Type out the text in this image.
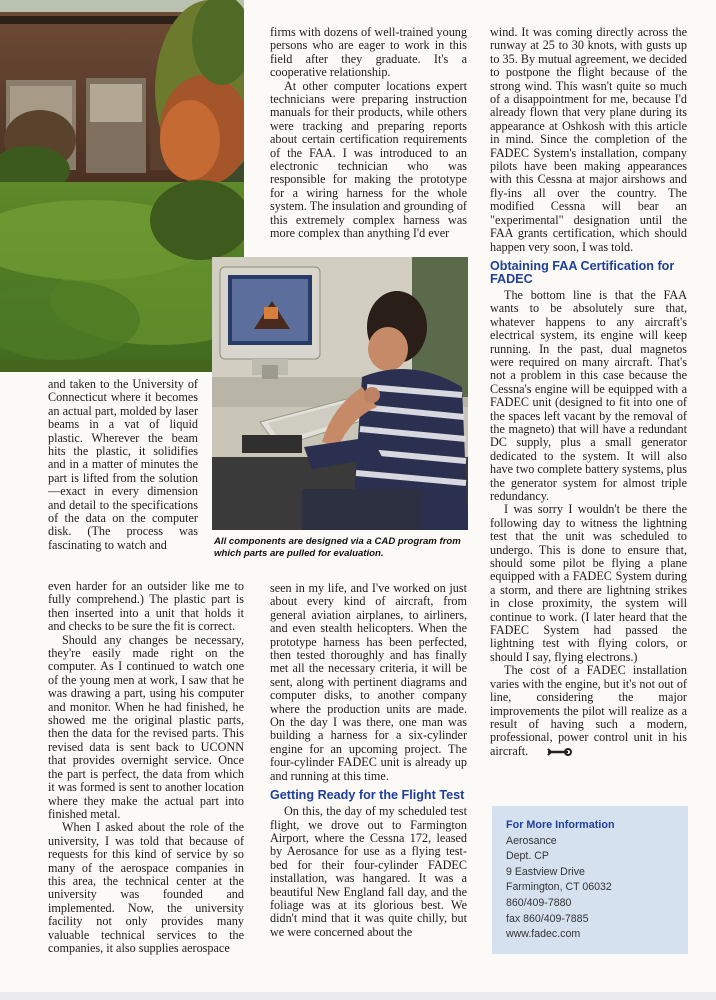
and taken to the University of Connecticut where it becomes an actual part, molded by laser beams in a vat of liquid plastic. Wherever the beam hits the plastic, it solidifies and in a matter of minutes the part is lifted from the solution—exact in every dimension and detail to the specifications of the data on the computer disk. (The process was fascinating to watch and

even harder for an outsider like me to fully comprehend.) The plastic part is then inserted into a unit that holds it and checks to be sure the fit is correct.

Should any changes be necessary, they're easily made right on the computer. As I continued to watch one of the young men at work, I saw that he was drawing a part, using his computer and monitor. When he had finished, he showed me the original plastic parts, then the data for the revised parts. This revised data is sent back to UCONN that provides overnight service. Once the part is perfect, the data from which it was formed is sent to another location where they make the actual part into finished metal.

When I asked about the role of the university, I was told that because of requests for this kind of service by so many of the aerospace companies in this area, the technical center at the university was founded and implemented. Now, the university facility not only provides many valuable technical services to the companies, it also supplies aerospace

firms with dozens of well-trained young persons who are eager to work in this field after they graduate. It's a cooperative relationship.

At other computer locations expert technicians were preparing instruction manuals for their products, while others were tracking and preparing reports about certain certification requirements of the FAA. I was introduced to an electronic technician who was responsible for making the prototype for a wiring harness for the whole system. The insulation and grounding of this extremely complex harness was more complex than anything I'd ever

All components are designed via a CAD program from which parts are pulled for evaluation.

seen in my life, and I've worked on just about every kind of aircraft, from general aviation airplanes, to airliners, and even stealth helicopters. When the prototype harness has been perfected, then tested thoroughly and has finally met all the necessary criteria, it will be sent, along with pertinent diagrams and computer disks, to another company where the production units are made. On the day I was there, one man was building a harness for a six-cylinder engine for an upcoming project. The four-cylinder FADEC unit is already up and running at this time.

Getting Ready for the Flight Test

On this, the day of my scheduled test flight, we drove out to Farmington Airport, where the Cessna 172, leased by Aerosance for use as a flying test-bed for their four-cylinder FADEC installation, was hangared. It was a beautiful New England fall day, and the foliage was at its glorious best. We didn't mind that it was quite chilly, but we were concerned about the

wind. It was coming directly across the runway at 25 to 30 knots, with gusts up to 35. By mutual agreement, we decided to postpone the flight because of the strong wind. This wasn't quite so much of a disappointment for me, because I'd already flown that very plane during its appearance at Oshkosh with this article in mind. Since the completion of the FADEC System's installation, company pilots have been making appearances with this Cessna at major airshows and fly-ins all over the country. The modified Cessna will bear an "experimental" designation until the FAA grants certification, which should happen very soon, I was told.

Obtaining FAA Certification for FADEC

The bottom line is that the FAA wants to be absolutely sure that, whatever happens to any aircraft's electrical system, its engine will keep running. In the past, dual magnetos were required on many aircraft. That's not a problem in this case because the Cessna's engine will be equipped with a FADEC unit (designed to fit into one of the spaces left vacant by the removal of the magneto) that will have a redundant DC supply, plus a small generator dedicated to the system. It will also have two complete battery systems, plus the generator system for almost triple redundancy.

I was sorry I wouldn't be there the following day to witness the lightning test that the unit was scheduled to undergo. This is done to ensure that, should some pilot be flying a plane equipped with a FADEC System during a storm, and there are lightning strikes in close proximity, the system will continue to work. (I later heard that the FADEC System had passed the lightning test with flying colors, or should I say, flying electrons.)

The cost of a FADEC installation varies with the engine, but it's not out of line, considering the major improvements the pilot will realize as a result of having such a modern, professional, power control unit in his aircraft.

For More Information
Aerosance
Dept. CP
9 Eastview Drive
Farmington, CT 06032
860/409-7880
fax 860/409-7885
www.fadec.com
